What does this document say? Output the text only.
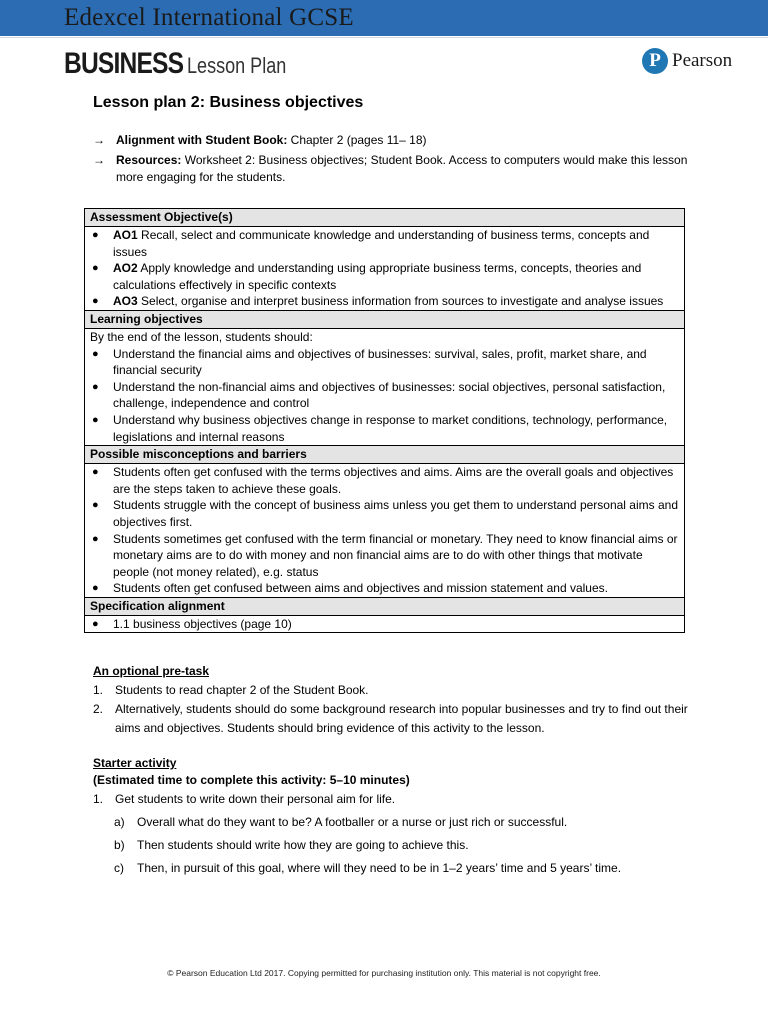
Edexcel International GCSE
BUSINESS Lesson Plan	P Pearson
Lesson plan 2: Business objectives
→ Alignment with Student Book: Chapter 2 (pages 11– 18)
→ Resources: Worksheet 2: Business objectives; Student Book. Access to computers would make this lesson more engaging for the students.
Assessment Objective(s)
● AO1 Recall, select and communicate knowledge and understanding of business terms, concepts and issues
● AO2 Apply knowledge and understanding using appropriate business terms, concepts, theories and calculations effectively in specific contexts
● AO3 Select, organise and interpret business information from sources to investigate and analyse issues
Learning objectives
By the end of the lesson, students should:
● Understand the financial aims and objectives of businesses: survival, sales, profit, market share, and financial security
● Understand the non-financial aims and objectives of businesses: social objectives, personal satisfaction, challenge, independence and control
● Understand why business objectives change in response to market conditions, technology, performance, legislations and internal reasons
Possible misconceptions and barriers
● Students often get confused with the terms objectives and aims. Aims are the overall goals and objectives are the steps taken to achieve these goals.
● Students struggle with the concept of business aims unless you get them to understand personal aims and objectives first.
● Students sometimes get confused with the term financial or monetary. They need to know financial aims or monetary aims are to do with money and non financial aims are to do with other things that motivate people (not money related), e.g. status
● Students often get confused between aims and objectives and mission statement and values.
Specification alignment
● 1.1 business objectives (page 10)
An optional pre-task
1. Students to read chapter 2 of the Student Book.
2. Alternatively, students should do some background research into popular businesses and try to find out their aims and objectives. Students should bring evidence of this activity to the lesson.
Starter activity
(Estimated time to complete this activity: 5–10 minutes)
1. Get students to write down their personal aim for life.
a) Overall what do they want to be? A footballer or a nurse or just rich or successful.
b) Then students should write how they are going to achieve this.
c) Then, in pursuit of this goal, where will they need to be in 1–2 years’ time and 5 years’ time.
© Pearson Education Ltd 2017. Copying permitted for purchasing institution only. This material is not copyright free.
